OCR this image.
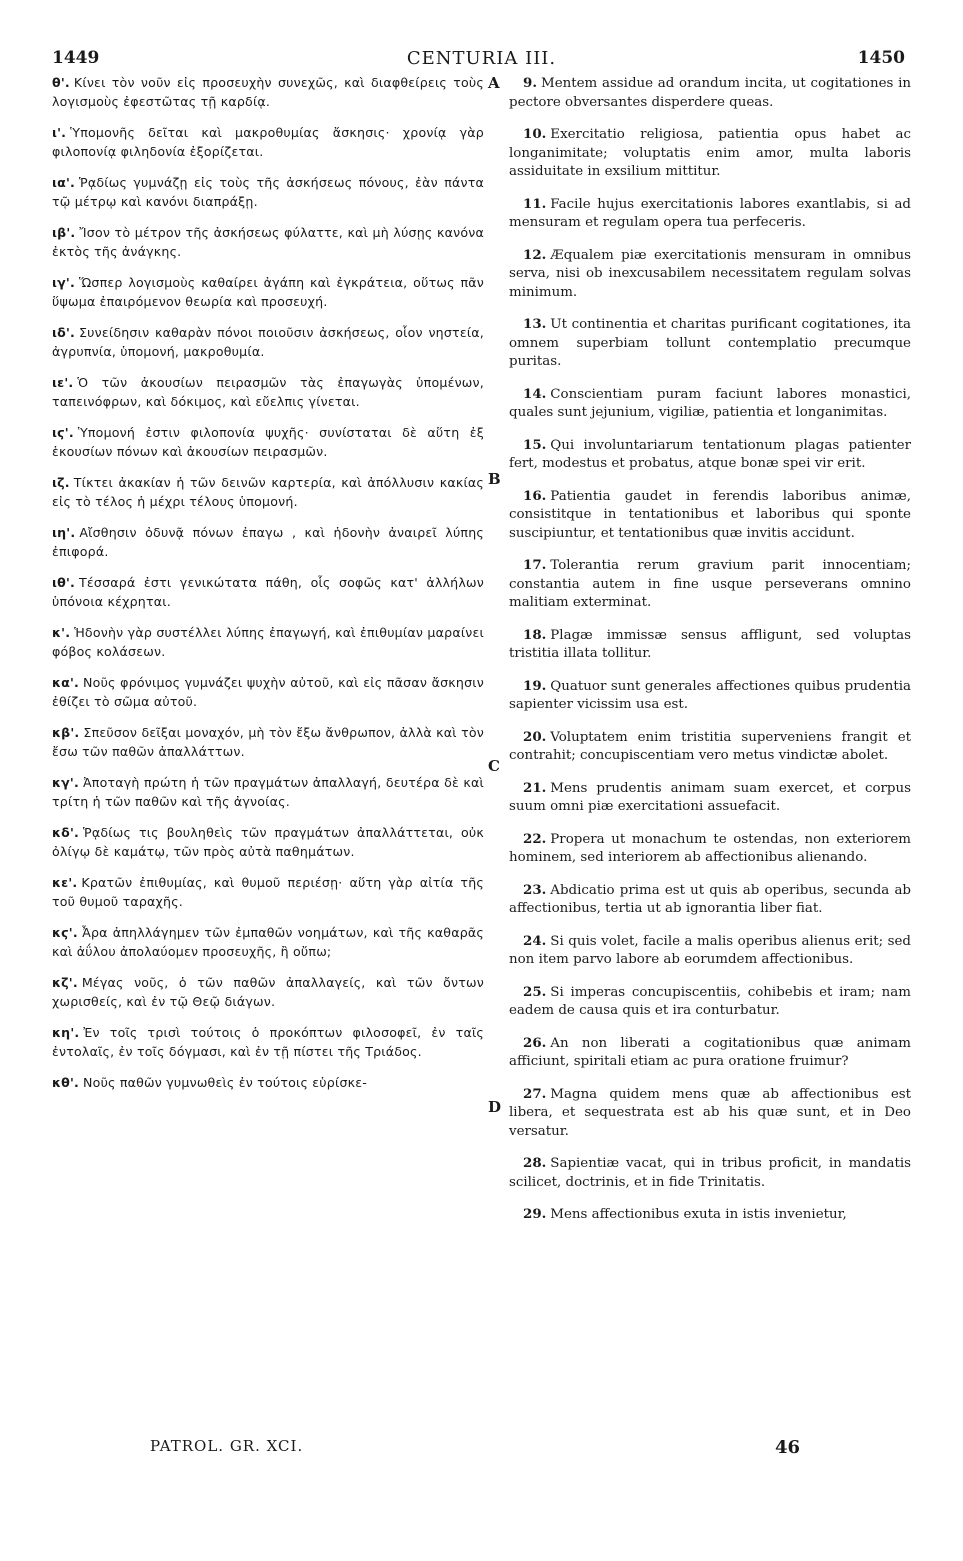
1449	CENTURIA III.	1450

θ'. Κίνει τὸν νοῦν εἰς προσευχὴν συνεχῶς, καὶ διαφθείρεις τοὺς λογισμοὺς ἐφεστῶτας τῇ καρδίᾳ.

ι'. Ὑπομονῆς δεῖται καὶ μακροθυμίας ἄσκησις· χρονίᾳ γὰρ φιλοπονίᾳ φιληδονία ἐξορίζεται.

ια'. Ῥᾳδίως γυμνάζῃ εἰς τοὺς τῆς ἀσκήσεως πόνους, ἐὰν πάντα τῷ μέτρῳ καὶ κανόνι διαπράξῃ.

ιβ'. Ἴσον τὸ μέτρον τῆς ἀσκήσεως φύλαττε, καὶ μὴ λύσῃς κανόνα ἐκτὸς τῆς ἀνάγκης.

ιγ'. Ὥσπερ λογισμοὺς καθαίρει ἀγάπη καὶ ἐγκράτεια, οὕτως πᾶν ὕψωμα ἐπαιρόμενον θεωρία καὶ προσευχή.

ιδ'. Συνείδησιν καθαρὰν πόνοι ποιοῦσιν ἀσκήσεως, οἷον νηστεία, ἀγρυπνία, ὑπομονή, μακροθυμία.

ιε'. Ὁ τῶν ἀκουσίων πειρασμῶν τὰς ἐπαγωγὰς ὑπομένων, ταπεινόφρων, καὶ δόκιμος, καὶ εὔελπις γίνεται.

ιϛ'. Ὑπομονή ἐστιν φιλοπονία ψυχῆς· συνίσταται δὲ αὕτη ἐξ ἑκουσίων πόνων καὶ ἀκουσίων πειρασμῶν.

ιζ. Τίκτει ἀκακίαν ἡ τῶν δεινῶν καρτερία, καὶ ἀπόλλυσιν κακίας εἰς τὸ τέλος ἡ μέχρι τέλους ὑπομονή.

ιη'. Αἴσθησιν ὀδυνᾷ πόνων ἐπαγω , καὶ ἡδονὴν ἀναιρεῖ λύπης ἐπιφορά.

ιθ'. Τέσσαρά ἐστι γενικώτατα πάθη, οἷς σοφῶς κατ' ἀλλήλων ὑπόνοια κέχρηται.

κ'. Ἡδονὴν γὰρ συστέλλει λύπης ἐπαγωγή, καὶ ἐπιθυμίαν μαραίνει φόβος κολάσεων.

κα'. Νοῦς φρόνιμος γυμνάζει ψυχὴν αὐτοῦ, καὶ εἰς πᾶσαν ἄσκησιν ἐθίζει τὸ σῶμα αὐτοῦ.

κβ'. Σπεῦσον δεῖξαι μοναχόν, μὴ τὸν ἔξω ἄνθρωπον, ἀλλὰ καὶ τὸν ἔσω τῶν παθῶν ἀπαλλάττων.

κγ'. Ἀποταγὴ πρώτη ἡ τῶν πραγμάτων ἀπαλλαγή, δευτέρα δὲ καὶ τρίτη ἡ τῶν παθῶν καὶ τῆς ἀγνοίας.

κδ'. Ῥᾳδίως τις βουληθεὶς τῶν πραγμάτων ἀπαλλάττεται, οὐκ ὀλίγῳ δὲ καμάτῳ, τῶν πρὸς αὐτὰ παθημάτων.

κε'. Κρατῶν ἐπιθυμίας, καὶ θυμοῦ περιέσῃ· αὕτη γὰρ αἰτία τῆς τοῦ θυμοῦ ταραχῆς.

κϛ'. Ἆρα ἀπηλλάγημεν τῶν ἐμπαθῶν νοημάτων, καὶ τῆς καθαρᾶς καὶ ἀΰλου ἀπολαύομεν προσευχῆς, ἢ οὔπω;

κζ'. Μέγας νοῦς, ὁ τῶν παθῶν ἀπαλλαγείς, καὶ τῶν ὄντων χωρισθείς, καὶ ἐν τῷ Θεῷ διάγων.

κη'. Ἐν τοῖς τρισὶ τούτοις ὁ προκόπτων φιλοσοφεῖ, ἐν ταῖς ἐντολαῖς, ἐν τοῖς δόγμασι, καὶ ἐν τῇ πίστει τῆς Τριάδος.

κθ'. Νοῦς παθῶν γυμνωθεὶς ἐν τούτοις εὑρίσκε-

9. Mentem assidue ad orandum incita, ut cogitationes in pectore obversantes disperdere queas.

10. Exercitatio religiosa, patientia opus habet ac longanimitate; voluptatis enim amor, multa laboris assiduitate in exsilium mittitur.

11. Facile hujus exercitationis labores exantlabis, si ad mensuram et regulam opera tua perfeceris.

12. Æqualem piæ exercitationis mensuram in omnibus serva, nisi ob inexcusabilem necessitatem regulam solvas minimum.

13. Ut continentia et charitas purificant cogitationes, ita omnem superbiam tollunt contemplatio precumque puritas.

14. Conscientiam puram faciunt labores monastici, quales sunt jejunium, vigiliæ, patientia et longanimitas.

15. Qui involuntariarum tentationum plagas patienter fert, modestus et probatus, atque bonæ spei vir erit.

16. Patientia gaudet in ferendis laboribus animæ, consistitque in tentationibus et laboribus qui sponte suscipiuntur, et tentationibus quæ invitis accidunt.

17. Tolerantia rerum gravium parit innocentiam; constantia autem in fine usque perseverans omnino malitiam exterminat.

18. Plagæ immissæ sensus affligunt, sed voluptas tristitia illata tollitur.

19. Quatuor sunt generales affectiones quibus prudentia sapienter vicissim usa est.

20. Voluptatem enim tristitia superveniens frangit et contrahit; concupiscentiam vero metus vindictæ abolet.

21. Mens prudentis animam suam exercet, et corpus suum omni piæ exercitationi assuefacit.

22. Propera ut monachum te ostendas, non exteriorem hominem, sed interiorem ab affectionibus alienando.

23. Abdicatio prima est ut quis ab operibus, secunda ab affectionibus, tertia ut ab ignorantia liber fiat.

24. Si quis volet, facile a malis operibus alienus erit; sed non item parvo labore ab eorumdem affectionibus.

25. Si imperas concupiscentiis, cohibebis et iram; nam eadem de causa quis et ira conturbatur.

26. An non liberati a cogitationibus quæ animam afficiunt, spiritali etiam ac pura oratione fruimur?

27. Magna quidem mens quæ ab affectionibus est libera, et sequestrata est ab his quæ sunt, et in Deo versatur.

28. Sapientiæ vacat, qui in tribus proficit, in mandatis scilicet, doctrinis, et in fide Trinitatis.

29. Mens affectionibus exuta in istis invenietur,

A
B
C
D
PATROL. GR. XCI.	46
